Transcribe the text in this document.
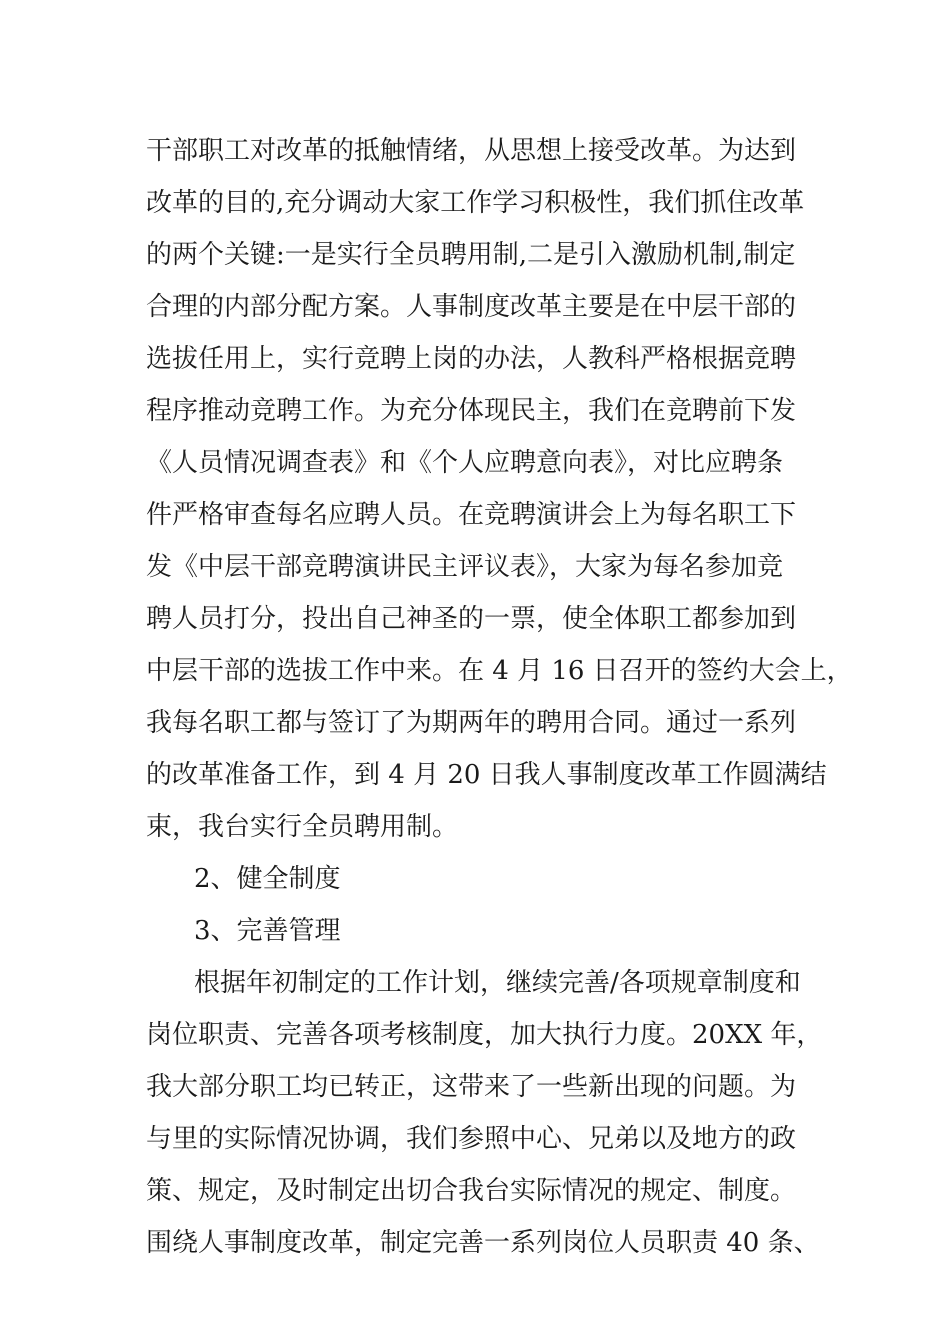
干部职工对改革的抵触情绪，从思想上接受改革。为达到
改革的目的,充分调动大家工作学习积极性，我们抓住改革
的两个关键:一是实行全员聘用制,二是引入激励机制,制定
合理的内部分配方案。人事制度改革主要是在中层干部的
选拔任用上，实行竞聘上岗的办法，人教科严格根据竞聘
程序推动竞聘工作。为充分体现民主，我们在竞聘前下发
《人员情况调查表》和《个人应聘意向表》，对比应聘条
件严格审查每名应聘人员。在竞聘演讲会上为每名职工下
发《中层干部竞聘演讲民主评议表》，大家为每名参加竞
聘人员打分，投出自己神圣的一票，使全体职工都参加到
中层干部的选拔工作中来。在 4 月 16 日召开的签约大会上，
我每名职工都与签订了为期两年的聘用合同。通过一系列
的改革准备工作，到 4 月 20 日我人事制度改革工作圆满结
束，我台实行全员聘用制。
2、健全制度
3、完善管理
根据年初制定的工作计划，继续完善/各项规章制度和
岗位职责、完善各项考核制度，加大执行力度。20XX 年，
我大部分职工均已转正，这带来了一些新出现的问题。为
与里的实际情况协调，我们参照中心、兄弟以及地方的政
策、规定，及时制定出切合我台实际情况的规定、制度。
围绕人事制度改革，制定完善一系列岗位人员职责 40 条、
